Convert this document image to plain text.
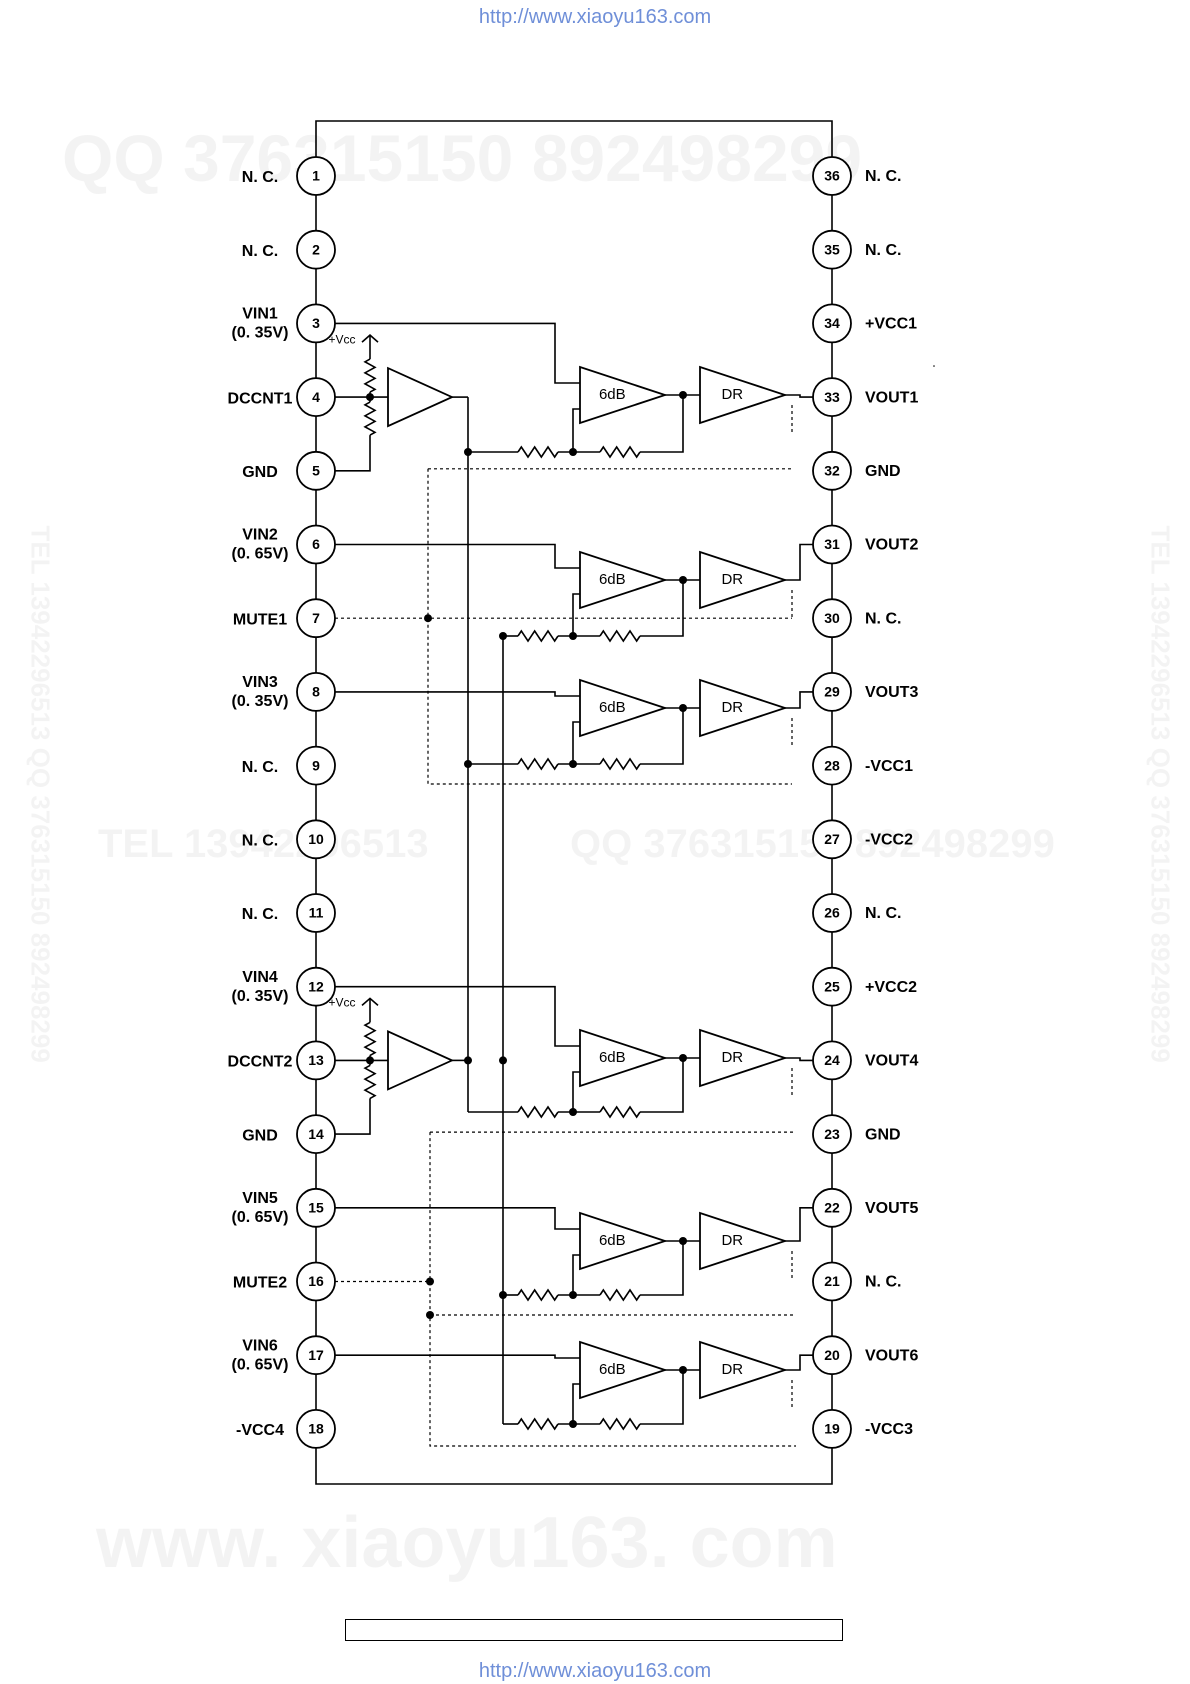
http://www.xiaoyu163.com
1
N. C.
2
N. C.
3
VIN1
(0. 35V)
4
DCCNT1
5
GND
6
VIN2
(0. 65V)
7
MUTE1
8
VIN3
(0. 35V)
9
N. C.
10
N. C.
11
N. C.
12
VIN4
(0. 35V)
13
DCCNT2
14
GND
15
VIN5
(0. 65V)
16
MUTE2
17
VIN6
(0. 65V)
18
-VCC4
36 N. C.
35 N. C.
34 +VCC1
33 VOUT1
32 GND
31 VOUT2
30 N. C.
29 VOUT3
28 -VCC1
27 -VCC2
26 N. C.
25 +VCC2
24 VOUT4
23 GND
22 VOUT5
21 N. C.
20 VOUT6
19 -VCC3
6dB	DR
6dB	DR
6dB	DR
6dB	DR
6dB	DR
6dB	DR
+Vcc
+Vcc
http://www.xiaoyu163.com
